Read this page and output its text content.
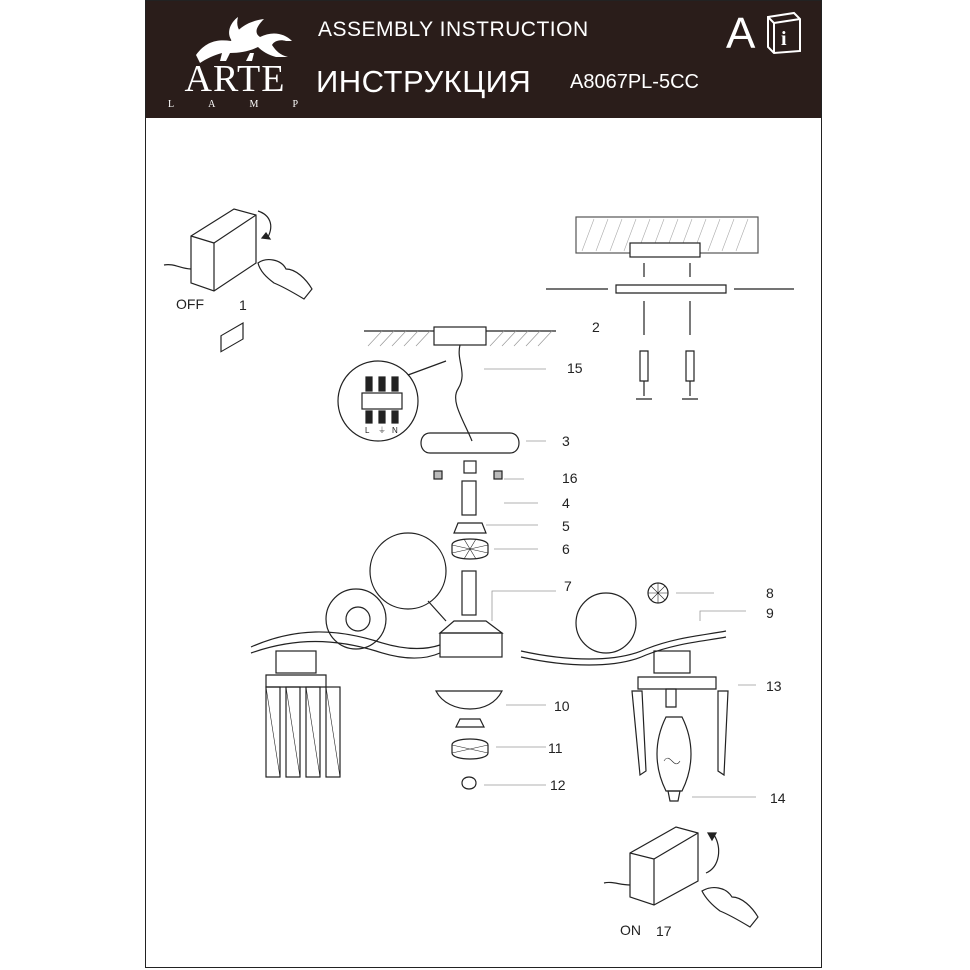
ARTE
L	A	M	P
ASSEMBLY INSTRUCTION
ИНСТРУКЦИЯ A8067PL-5CC
A i
L ⏚ N
OFF	1
2
ON 17
15
3
16
4
5
6
7	8
9
10
11
12
13
14
